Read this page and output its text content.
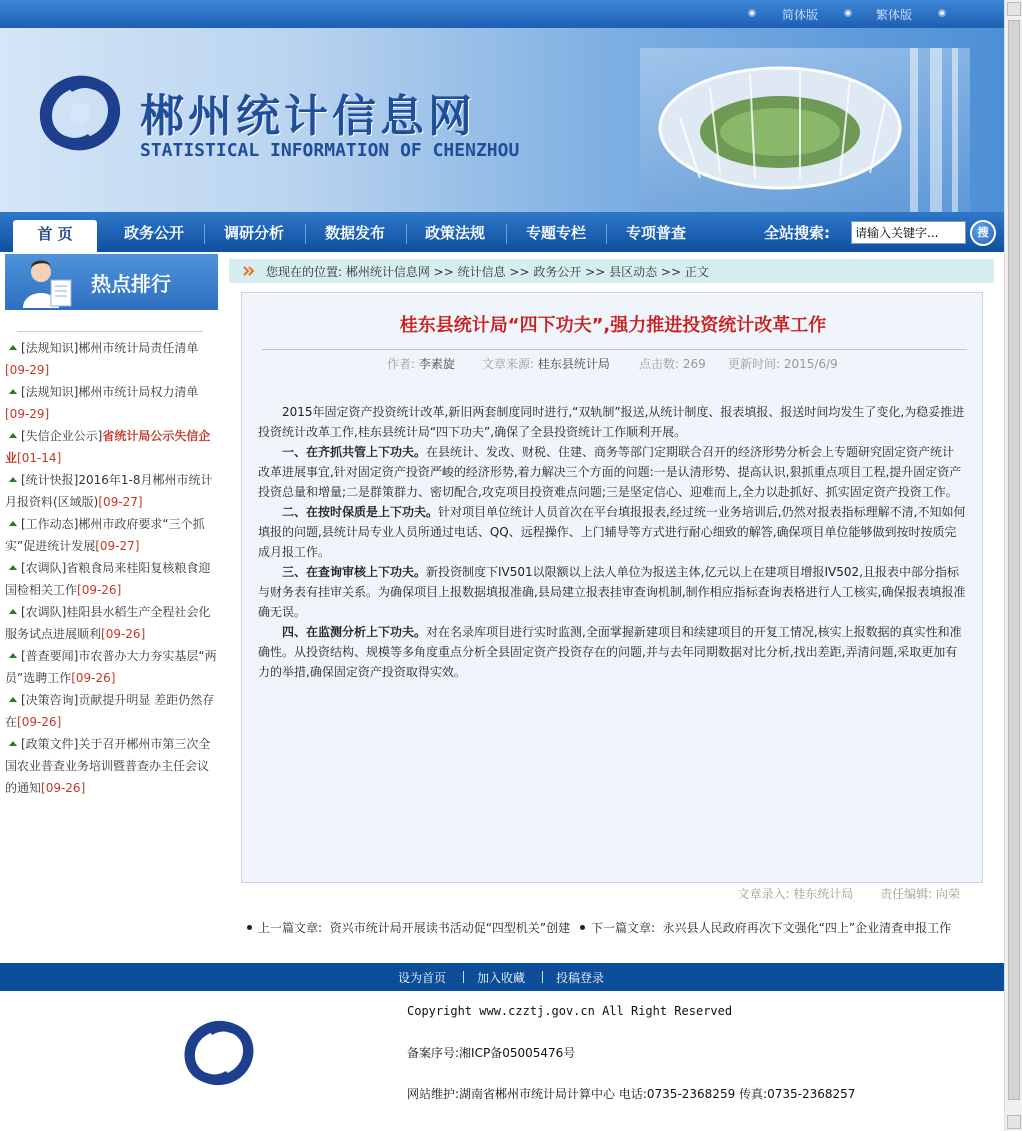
简体版	繁体版
郴州统计信息网
STATISTICAL INFORMATION OF CHENZHOU
首 页	政务公开	调研分析	数据发布	政策法规	专题专栏	专项普查	全站搜索:
请输入关键字...	搜
热点排行
[法规知识]郴州市统计局责任清单
[09-29]
[法规知识]郴州市统计局权力清单
[09-29]
[失信企业公示]省统计局公示失信企业[01-14]
[统计快报]2016年1-8月郴州市统计月报资料(区域版)[09-27]
[工作动态]郴州市政府要求“三个抓实”促进统计发展[09-27]
[农调队]省粮食局来桂阳复核粮食迎国检相关工作[09-26]
[农调队]桂阳县水稻生产全程社会化服务试点进展顺利[09-26]
[普查要闻]市农普办大力夯实基层“两员”选聘工作[09-26]
[决策咨询]贡献提升明显 差距仍然存在[09-26]
[政策文件]关于召开郴州市第三次全国农业普查业务培训暨普查办主任会议的通知[09-26]
您现在的位置: 郴州统计信息网 >> 统计信息 >> 政务公开 >> 县区动态 >> 正文
桂东县统计局“四下功夫”,强力推进投资统计改革工作
作者: 李素旋 文章来源: 桂东县统计局 点击数: 269 更新时间: 2015/6/9

2015年固定资产投资统计改革,新旧两套制度同时进行,“双轨制”报送,从统计制度、报表填报、报送时间均发生了变化,为稳妥推进投资统计改革工作,桂东县统计局“四下功夫”,确保了全县投资统计工作顺利开展。

一、在齐抓共管上下功夫。在县统计、发改、财税、住建、商务等部门定期联合召开的经济形势分析会上专题研究固定资产统计改革进展事宜,针对固定资产投资严峻的经济形势,着力解决三个方面的问题:一是认清形势、提高认识,狠抓重点项目工程,提升固定资产投资总量和增量;二是群策群力、密切配合,攻克项目投资难点问题;三是坚定信心、迎难而上,全力以赴抓好、抓实固定资产投资工作。

二、在按时保质是上下功夫。针对项目单位统计人员首次在平台填报报表,经过统一业务培训后,仍然对报表指标理解不清,不知如何填报的问题,县统计局专业人员所通过电话、QQ、远程操作、上门辅导等方式进行耐心细致的解答,确保项目单位能够做到按时按质完成月报工作。

三、在查询审核上下功夫。新投资制度下IV501以限额以上法人单位为报送主体,亿元以上在建项目增报IV502,且报表中部分指标与财务表有挂审关系。为确保项目上报数据填报准确,县局建立报表挂审查询机制,制作相应指标查询表格进行人工核实,确保报表填报准确无误。

四、在监测分析上下功夫。对在名录库项目进行实时监测,全面掌握新建项目和续建项目的开复工情况,核实上报数据的真实性和准确性。从投资结构、规模等多角度重点分析全县固定资产投资存在的问题,并与去年同期数据对比分析,找出差距,弄清问题,采取更加有力的举措,确保固定资产投资取得实效。

文章录入: 桂东统计局 责任编辑: 向荣
上一篇文章: 资兴市统计局开展读书活动促“四型机关”创建 下一篇文章: 永兴县人民政府再次下文强化“四上”企业清查申报工作
设为首页	加入收藏	投稿登录
Copyright www.czztj.gov.cn All Right Reserved
备案序号:湘ICP备05005476号
网站维护:湖南省郴州市统计局计算中心 电话:0735-2368259 传真:0735-2368257
